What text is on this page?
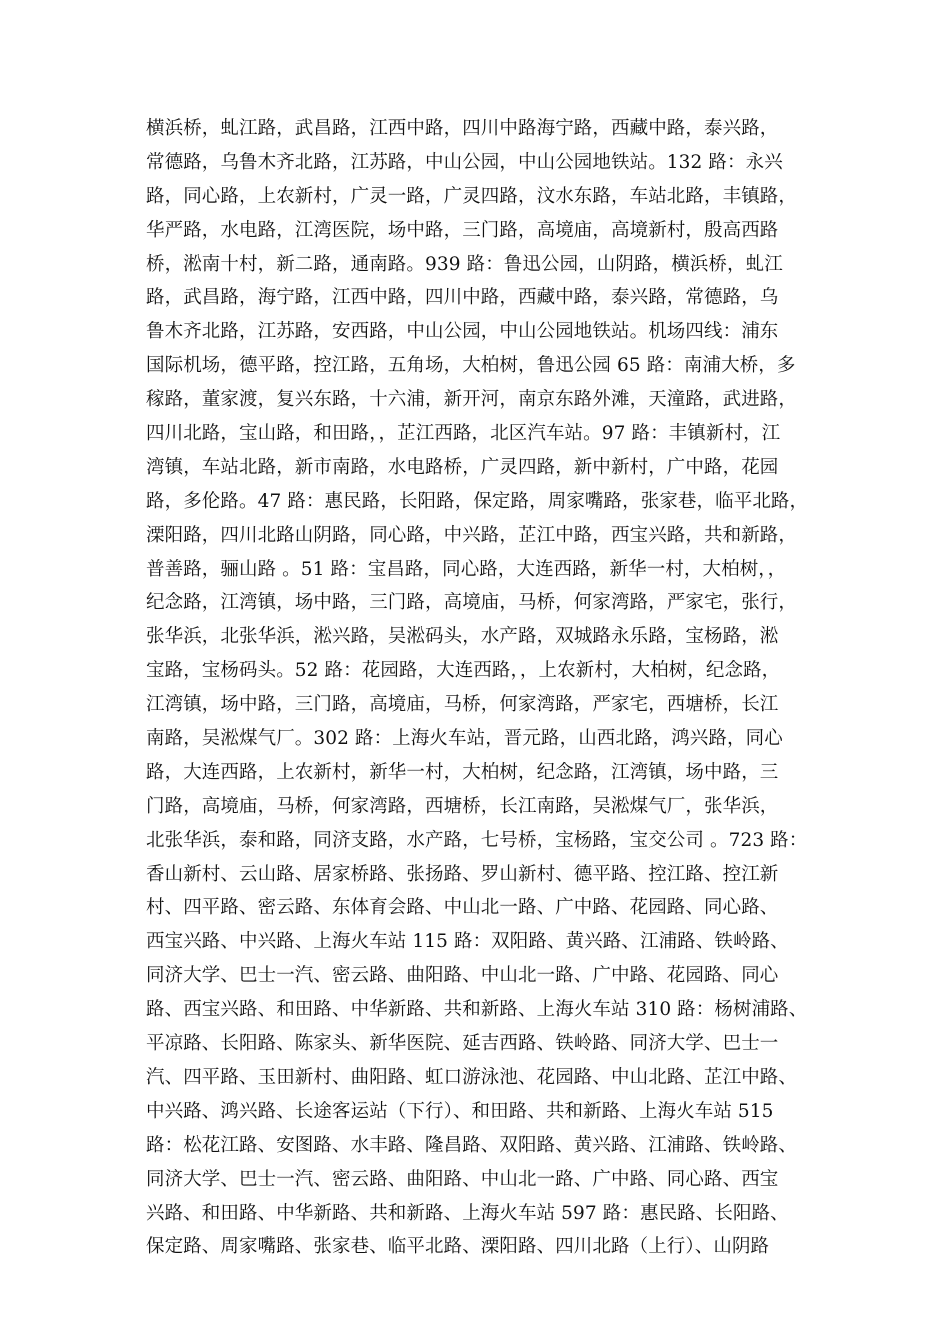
横浜桥，虬江路，武昌路，江西中路，四川中路海宁路，西藏中路，泰兴路，
常德路，乌鲁木齐北路，江苏路，中山公园，中山公园地铁站。132 路：永兴
路，同心路，上农新村，广灵一路，广灵四路，汶水东路，车站北路，丰镇路，
华严路，水电路，江湾医院，场中路，三门路，高境庙，高境新村，殷高西路
桥，淞南十村，新二路，通南路。939 路：鲁迅公园，山阴路，横浜桥，虬江
路，武昌路，海宁路，江西中路，四川中路，西藏中路，泰兴路，常德路，乌
鲁木齐北路，江苏路，安西路，中山公园，中山公园地铁站。机场四线：浦东
国际机场，德平路，控江路，五角场，大柏树，鲁迅公园 65 路：南浦大桥，多
稼路，董家渡，复兴东路，十六浦，新开河，南京东路外滩，天潼路，武进路，
四川北路，宝山路，和田路，，芷江西路，北区汽车站。97 路：丰镇新村，江
湾镇，车站北路，新市南路，水电路桥，广灵四路，新中新村，广中路，花园
路，多伦路。47 路：惠民路，长阳路，保定路，周家嘴路，张家巷，临平北路，
溧阳路，四川北路山阴路，同心路，中兴路，芷江中路，西宝兴路，共和新路，
普善路，骊山路 。51 路：宝昌路，同心路，大连西路，新华一村，大柏树，，
纪念路，江湾镇，场中路，三门路，高境庙，马桥，何家湾路，严家宅，张行，
张华浜，北张华浜，淞兴路，吴淞码头，水产路，双城路永乐路，宝杨路，淞
宝路，宝杨码头。52 路：花园路，大连西路，，上农新村，大柏树，纪念路，
江湾镇，场中路，三门路，高境庙，马桥，何家湾路，严家宅，西塘桥，长江
南路，吴淞煤气厂。302 路：上海火车站，晋元路，山西北路，鸿兴路，同心
路，大连西路，上农新村，新华一村，大柏树，纪念路，江湾镇，场中路，三
门路，高境庙，马桥，何家湾路，西塘桥，长江南路，吴淞煤气厂，张华浜，
北张华浜，泰和路，同济支路，水产路，七号桥，宝杨路，宝交公司 。723 路：
香山新村、云山路、居家桥路、张扬路、罗山新村、德平路、控江路、控江新
村、四平路、密云路、东体育会路、中山北一路、广中路、花园路、同心路、
西宝兴路、中兴路、上海火车站 115 路：双阳路、黄兴路、江浦路、铁岭路、
同济大学、巴士一汽、密云路、曲阳路、中山北一路、广中路、花园路、同心
路、西宝兴路、和田路、中华新路、共和新路、上海火车站 310 路：杨树浦路、
平凉路、长阳路、陈家头、新华医院、延吉西路、铁岭路、同济大学、巴士一
汽、四平路、玉田新村、曲阳路、虹口游泳池、花园路、中山北路、芷江中路、
中兴路、鸿兴路、长途客运站（下行）、和田路、共和新路、上海火车站 515
路：松花江路、安图路、水丰路、隆昌路、双阳路、黄兴路、江浦路、铁岭路、
同济大学、巴士一汽、密云路、曲阳路、中山北一路、广中路、同心路、西宝
兴路、和田路、中华新路、共和新路、上海火车站 597 路：惠民路、长阳路、
保定路、周家嘴路、张家巷、临平北路、溧阳路、四川北路（上行）、山阴路
